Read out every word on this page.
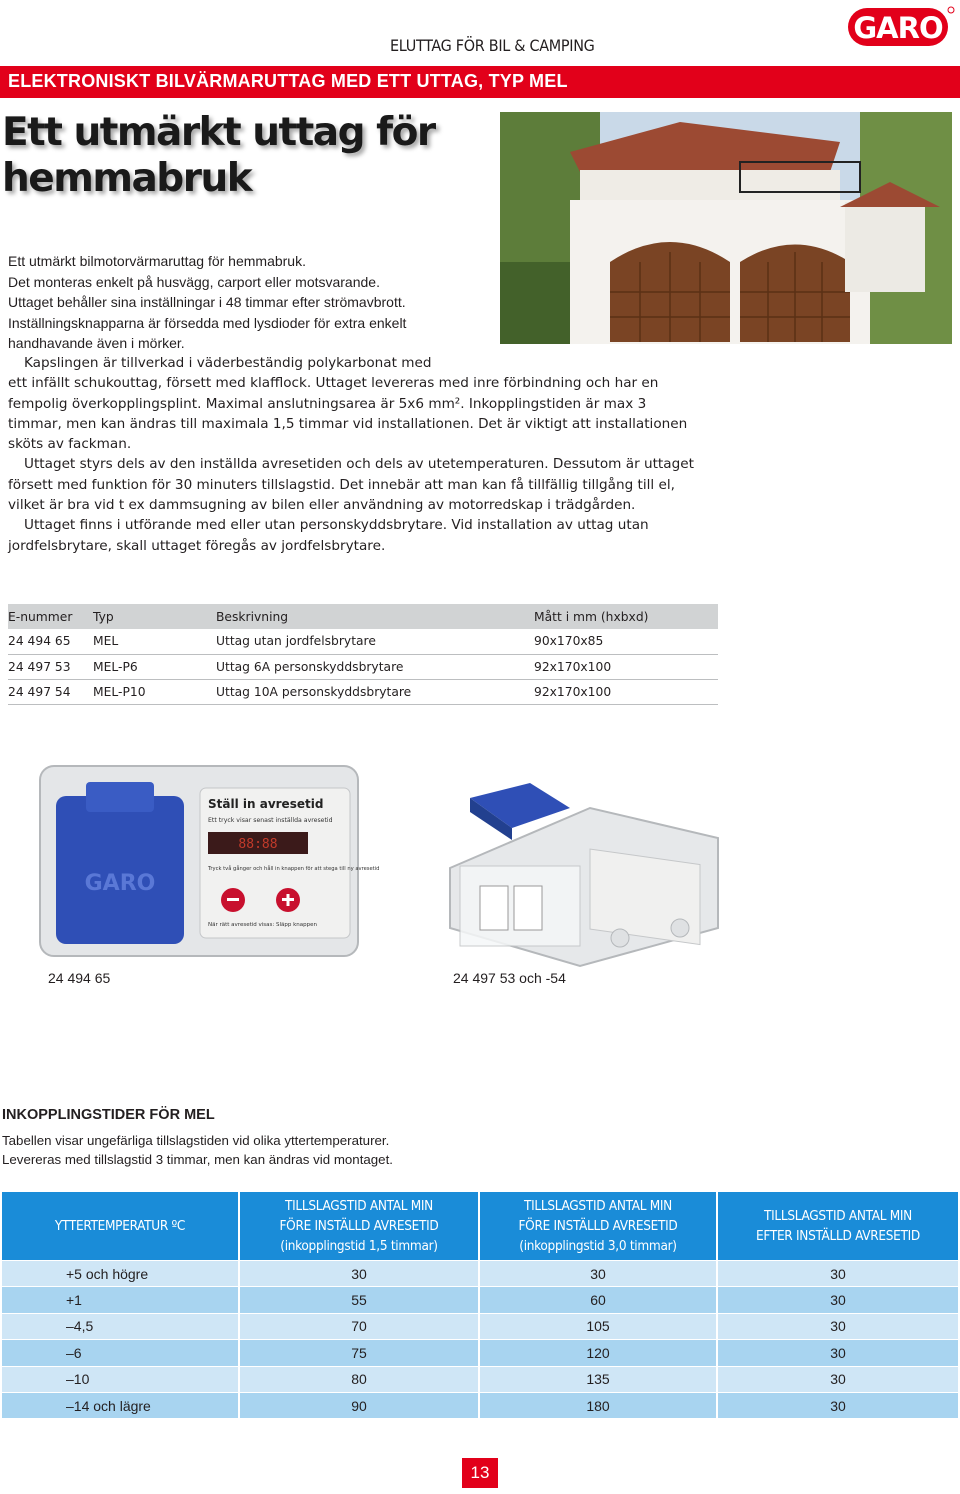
ELUTTAG FÖR BIL & CAMPING
GARO
ELEKTRONISKT BILVÄRMARUTTAG MED ETT UTTAG, TYP MEL
Ett utmärkt uttag för
hemmabruk

Ett utmärkt bilmotorvärmaruttag för hemmabruk.

Det monteras enkelt på husvägg, carport eller motsvarande.

Uttaget behåller sina inställningar i 48 timmar efter strömavbrott.

Inställningsknapparna är försedda med lysdioder för extra enkelt

handhavande även i mörker.

Kapslingen är tillverkad i väderbeständig polykarbonat med

ett infällt schukouttag, försett med klafflock. Uttaget levereras med inre förbindning och har en

fempolig överkopplingsplint. Maximal anslutningsarea är 5x6 mm². Inkopplingstiden är max 3

timmar, men kan ändras till maximala 1,5 timmar vid installationen. Det är viktigt att installationen

sköts av fackman.

Uttaget styrs dels av den inställda avresetiden och dels av utetemperaturen. Dessutom är uttaget

försett med funktion för 30 minuters tillslagstid. Det innebär att man kan få tillfällig tillgång till el,

vilket är bra vid t ex dammsugning av bilen eller användning av motorredskap i trädgården.

Uttaget finns i utförande med eller utan personskyddsbrytare. Vid installation av uttag utan

jordfelsbrytare, skall uttaget föregås av jordfelsbrytare.

E-nummer	Typ	Beskrivning	Mått i mm (hxbxd)
24 494 65	MEL	Uttag utan jordfelsbrytare	90x170x85
24 497 53	MEL-P6	Uttag 6A personskyddsbrytare	92x170x100
24 497 54	MEL-P10	Uttag 10A personskyddsbrytare	92x170x100
GARO
Ställ in avresetid
Ett tryck visar senast inställda avresetid
88:88
Tryck två gånger och håll in knappen för att stega till ny avresetid
När rätt avresetid visas: Släpp knappen
24 494 65	24 497 53 och -54
INKOPPLINGSTIDER FÖR MEL

Tabellen visar ungefärliga tillslagstiden vid olika yttertemperaturer.

Levereras med tillslagstid 3 timmar, men kan ändras vid montaget.

YTTERTEMPERATUR ºC	TILLSLAGSTID ANTAL MIN
FÖRE INSTÄLLD AVRESETID
(inkopplingstid 1,5 timmar)	TILLSLAGSTID ANTAL MIN
FÖRE INSTÄLLD AVRESETID
(inkopplingstid 3,0 timmar)	TILLSLAGSTID ANTAL MIN
EFTER INSTÄLLD AVRESETID
+5 och högre	30	30	30
+1	55	60	30
–4,5	70	105	30
–6	75	120	30
–10	80	135	30
–14 och lägre	90	180	30
13
